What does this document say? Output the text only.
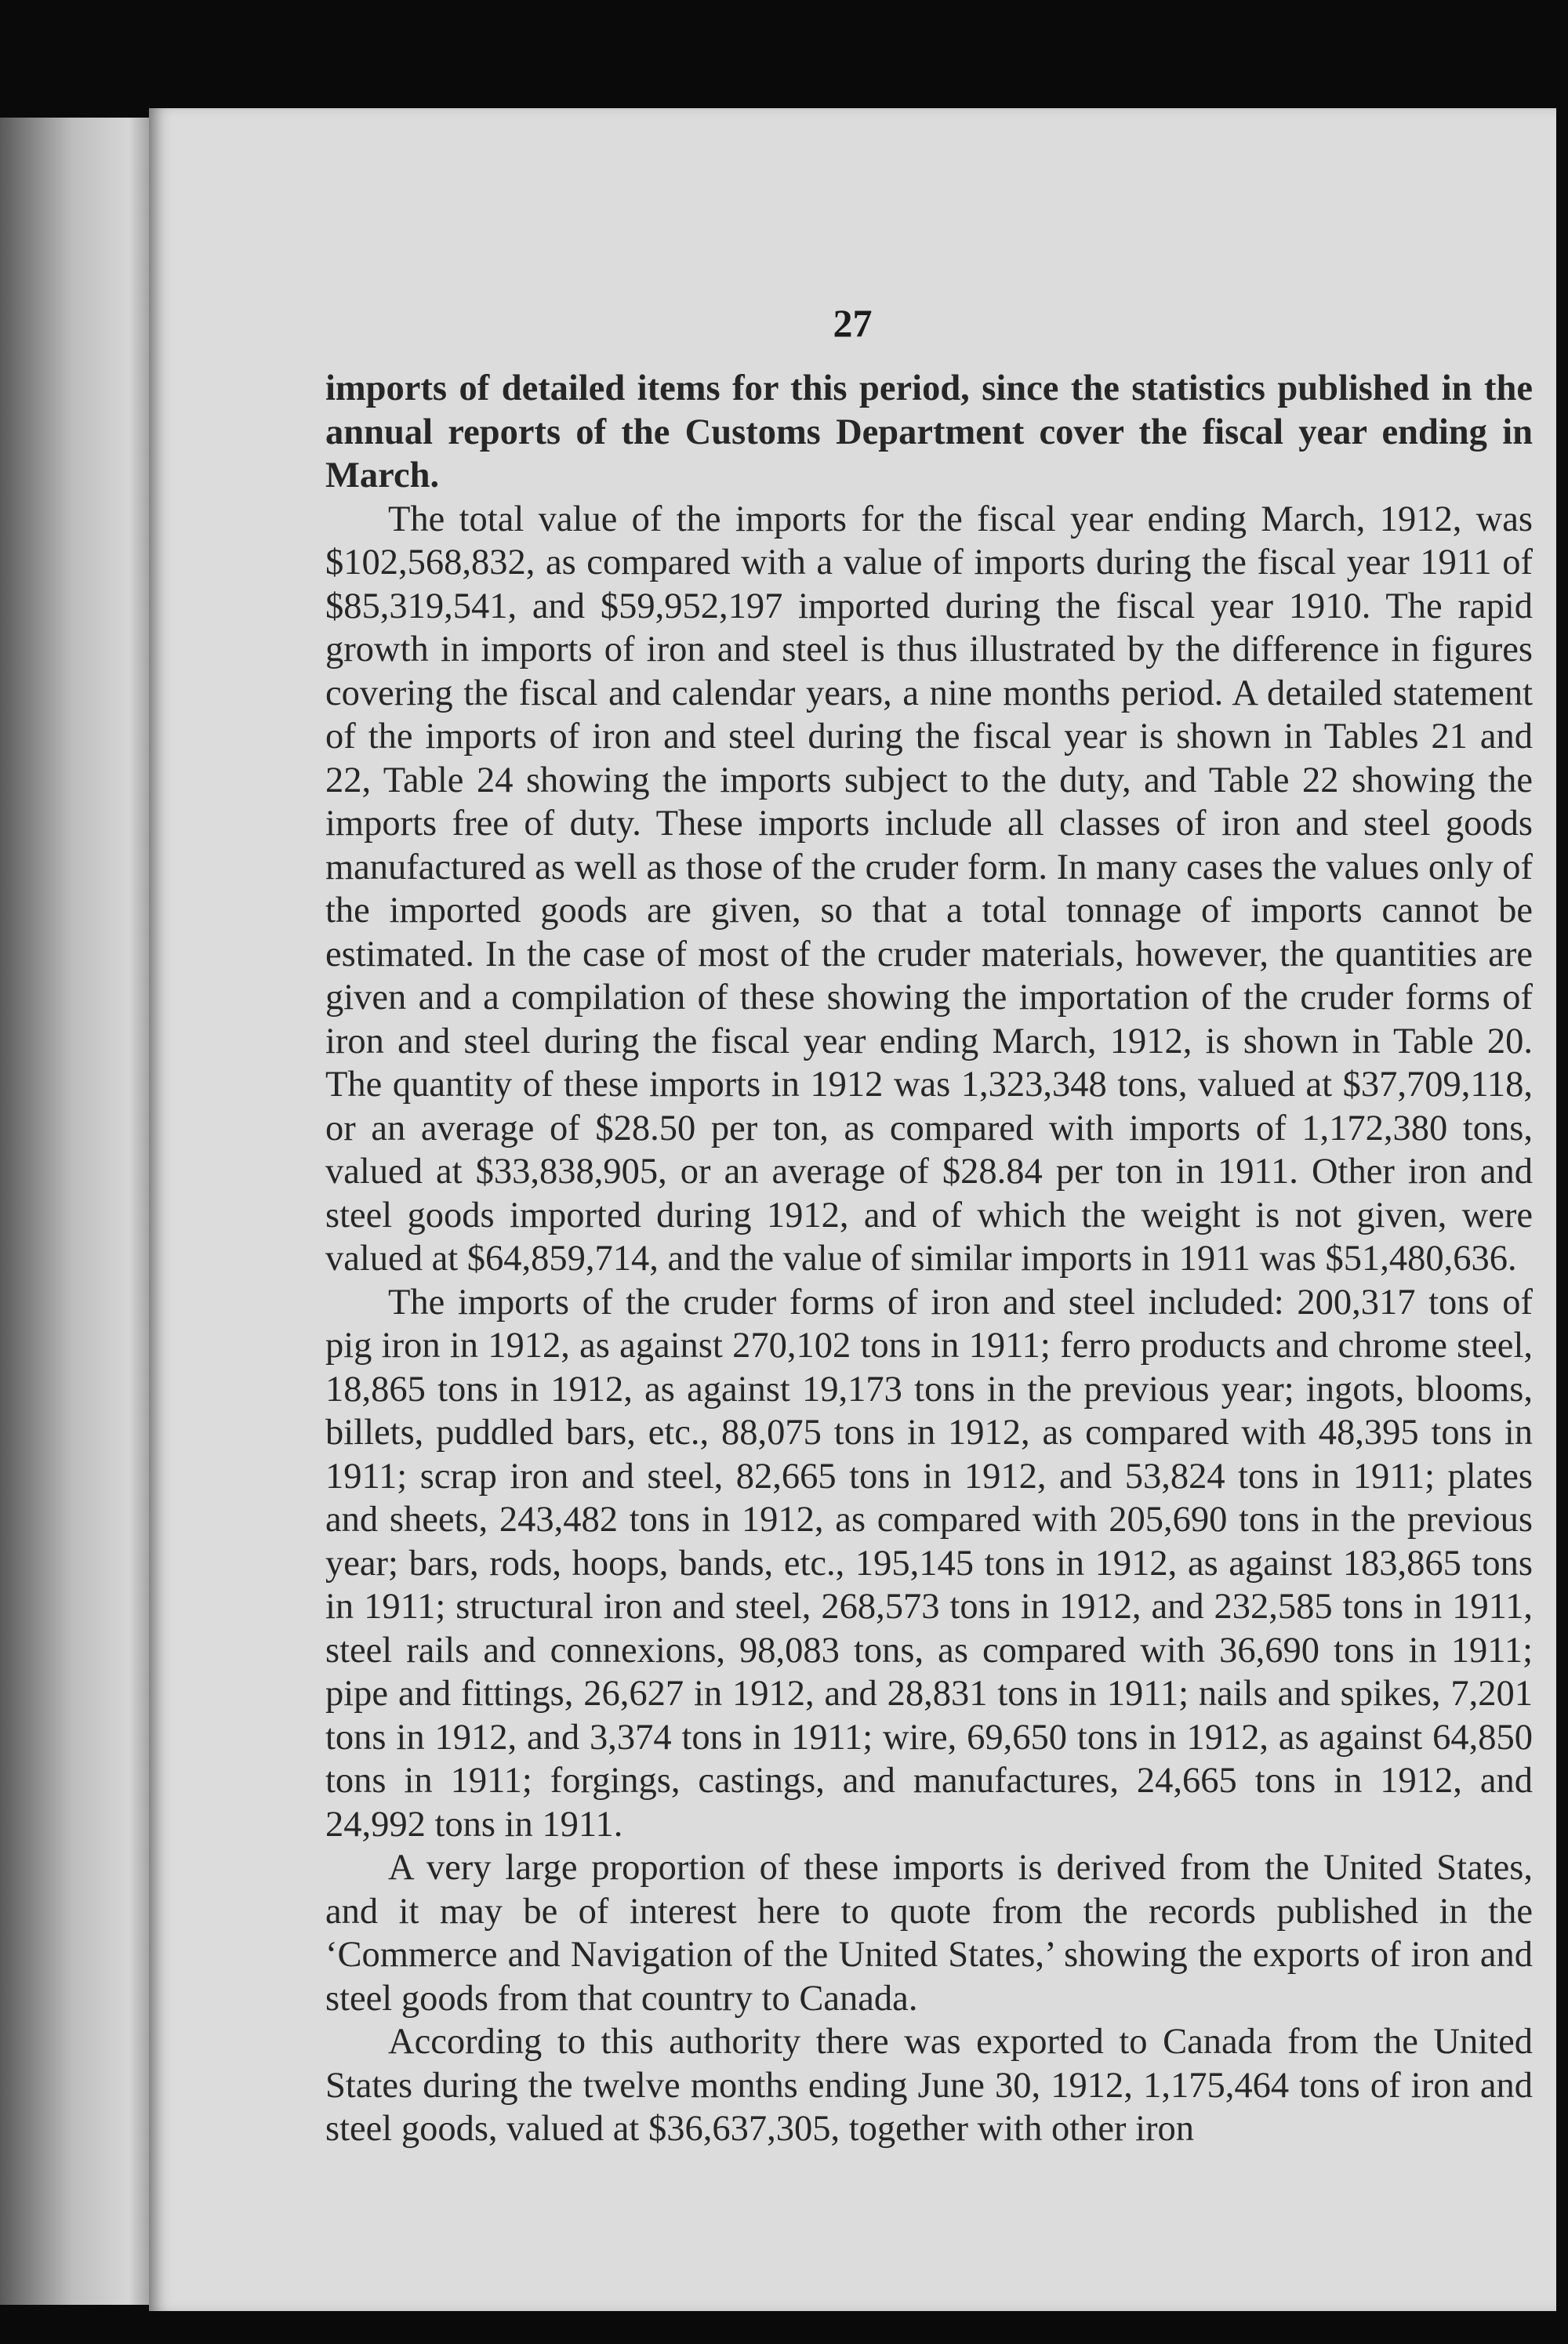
27

imports of detailed items for this period, since the statistics published in the annual reports of the Customs Department cover the fiscal year ending in March.

The total value of the imports for the fiscal year ending March, 1912, was $102,568,832, as compared with a value of imports during the fiscal year 1911 of $85,319,541, and $59,952,197 imported during the fiscal year 1910. The rapid growth in imports of iron and steel is thus illustrated by the difference in figures covering the fiscal and calendar years, a nine months period. A detailed statement of the imports of iron and steel during the fiscal year is shown in Tables 21 and 22, Table 24 showing the imports subject to the duty, and Table 22 showing the imports free of duty. These imports include all classes of iron and steel goods manufactured as well as those of the cruder form. In many cases the values only of the imported goods are given, so that a total tonnage of imports cannot be estimated. In the case of most of the cruder materials, however, the quantities are given and a compilation of these showing the importation of the cruder forms of iron and steel during the fiscal year ending March, 1912, is shown in Table 20. The quantity of these imports in 1912 was 1,323,348 tons, valued at $37,709,118, or an average of $28.50 per ton, as compared with imports of 1,172,380 tons, valued at $33,838,905, or an average of $28.84 per ton in 1911. Other iron and steel goods imported during 1912, and of which the weight is not given, were valued at $64,859,714, and the value of similar imports in 1911 was $51,480,636.

The imports of the cruder forms of iron and steel included: 200,317 tons of pig iron in 1912, as against 270,102 tons in 1911; ferro products and chrome steel, 18,865 tons in 1912, as against 19,173 tons in the previous year; ingots, blooms, billets, puddled bars, etc., 88,075 tons in 1912, as compared with 48,395 tons in 1911; scrap iron and steel, 82,665 tons in 1912, and 53,824 tons in 1911; plates and sheets, 243,482 tons in 1912, as compared with 205,690 tons in the previous year; bars, rods, hoops, bands, etc., 195,145 tons in 1912, as against 183,865 tons in 1911; structural iron and steel, 268,573 tons in 1912, and 232,585 tons in 1911, steel rails and connexions, 98,083 tons, as compared with 36,690 tons in 1911; pipe and fittings, 26,627 in 1912, and 28,831 tons in 1911; nails and spikes, 7,201 tons in 1912, and 3,374 tons in 1911; wire, 69,650 tons in 1912, as against 64,850 tons in 1911; forgings, castings, and manufactures, 24,665 tons in 1912, and 24,992 tons in 1911.

A very large proportion of these imports is derived from the United States, and it may be of interest here to quote from the records published in the ‘Commerce and Navigation of the United States,’ showing the exports of iron and steel goods from that country to Canada.

According to this authority there was exported to Canada from the United States during the twelve months ending June 30, 1912, 1,175,464 tons of iron and steel goods, valued at $36,637,305, together with other iron
